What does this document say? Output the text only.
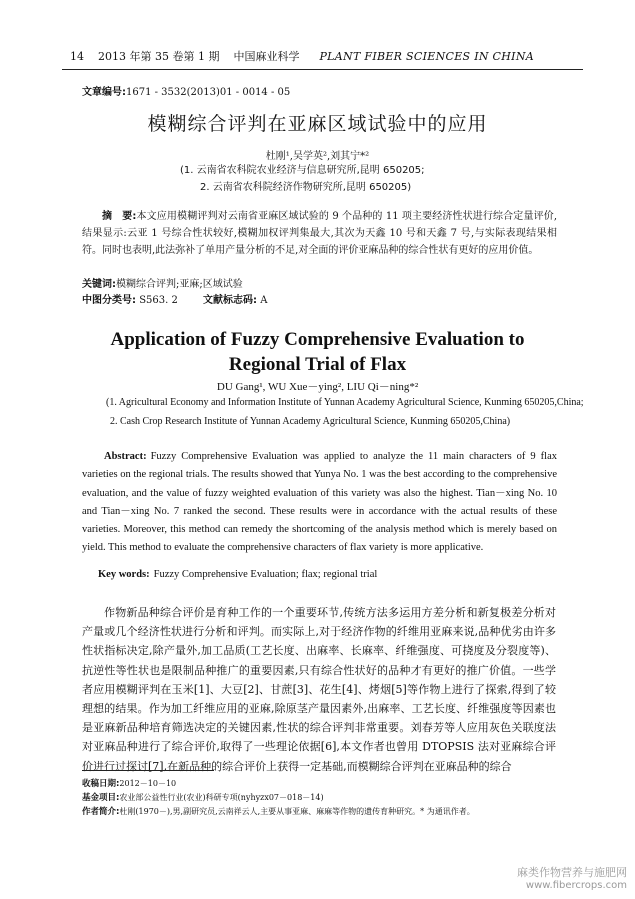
14 2013 年第 35 卷第 1 期 中国麻业科学 PLANT FIBER SCIENCES IN CHINA
文章编号:1671 - 3532(2013)01 - 0014 - 05
模糊综合评判在亚麻区域试验中的应用
杜刚¹,吴学英²,刘其宁*²
(1. 云南省农科院农业经济与信息研究所,昆明 650205;
2. 云南省农科院经济作物研究所,昆明 650205)
摘　要:本文应用模糊评判对云南省亚麻区域试验的 9 个品种的 11 项主要经济性状进行综合定量评价,结果显示:云亚 1 号综合性状较好,模糊加权评判集最大,其次为天鑫 10 号和天鑫 7 号,与实际表现结果相符。同时也表明,此法弥补了单用产量分析的不足,对全面的评价亚麻品种的综合性状有更好的应用价值。
关键词:模糊综合评判;亚麻;区域试验
中图分类号: S563. 2	文献标志码: A
Application of Fuzzy Comprehensive Evaluation to
Regional Trial of Flax
DU Gang¹, WU Xue－ying², LIU Qi－ning*²
(1. Agricultural Economy and Information Institute of Yunnan Academy Agricultural Science, Kunming 650205,China;
2. Cash Crop Research Institute of Yunnan Academy Agricultural Science, Kunming 650205,China)
Abstract: Fuzzy Comprehensive Evaluation was applied to analyze the 11 main characters of 9 flax varieties on the regional trials. The results showed that Yunya No. 1 was the best according to the comprehensive evaluation, and the value of fuzzy weighted evaluation of this variety was also the highest. Tian－xing No. 10 and Tian－xing No. 7 ranked the second. These results were in accordance with the actual results of these varieties. Moreover, this method can remedy the shortcoming of the analysis method which is merely based on yield. This method to evaluate the comprehensive characters of flax variety is more applicative.
Key words: Fuzzy Comprehensive Evaluation; flax; regional trial
作物新品种综合评价是育种工作的一个重要环节,传统方法多运用方差分析和新复极差分析对产量或几个经济性状进行分析和评判。而实际上,对于经济作物的纤维用亚麻来说,品种优劣由许多性状指标决定,除产量外,加工品质(工艺长度、出麻率、长麻率、纤维强度、可挠度及分裂度等)、抗逆性等性状也是限制品种推广的重要因素,只有综合性状好的品种才有更好的推广价值。一些学者应用模糊评判在玉米[1]、大豆[2]、甘蔗[3]、花生[4]、烤烟[5]等作物上进行了探索,得到了较理想的结果。作为加工纤维应用的亚麻,除原茎产量因素外,出麻率、工艺长度、纤维强度等因素也是亚麻新品种培育筛选决定的关键因素,性状的综合评判非常重要。刘春芳等人应用灰色关联度法对亚麻品种进行了综合评价,取得了一些理论依据[6],本文作者也曾用 DTOPSIS 法对亚麻综合评价进行过探讨[7],在新品种的综合评价上获得一定基础,而模糊综合评判在亚麻品种的综合
收稿日期:2012－10－10
基金项目:农业部公益性行业(农业)科研专项(nyhyzx07－018－14)
作者简介:杜刚(1970－),男,副研究员,云南祥云人,主要从事亚麻、麻麻等作物的遗传育种研究。* 为通讯作者。
麻类作物营养与施肥网
www.fibercrops.com
